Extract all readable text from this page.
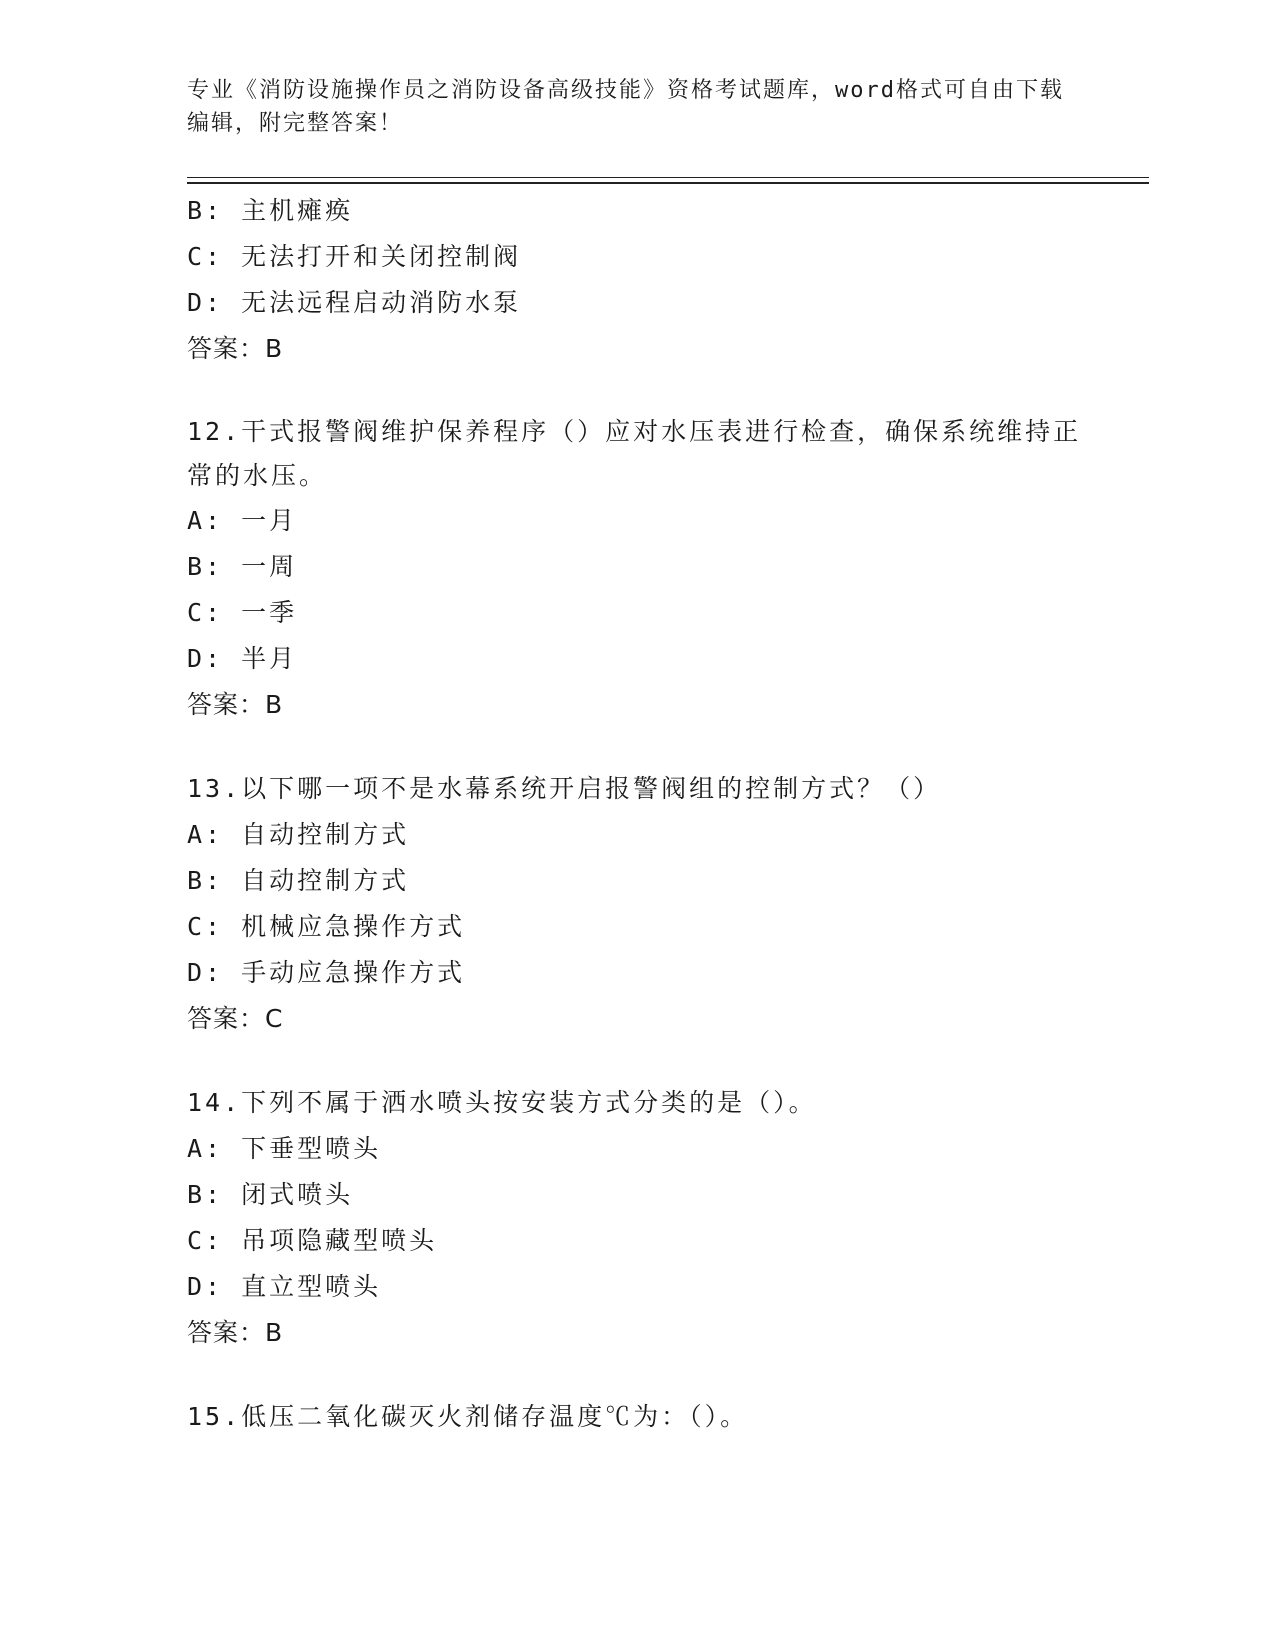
专业《消防设施操作员之消防设备高级技能》资格考试题库，word格式可自由下载编辑，附完整答案！
B: 主机瘫痪
C: 无法打开和关闭控制阀
D: 无法远程启动消防水泵
答案：B
12.干式报警阀维护保养程序（）应对水压表进行检查，确保系统维持正常的水压。
A: 一月
B: 一周
C: 一季
D: 半月
答案：B
13.以下哪一项不是水幕系统开启报警阀组的控制方式？（）
A: 自动控制方式
B: 自动控制方式
C: 机械应急操作方式
D: 手动应急操作方式
答案：C
14.下列不属于洒水喷头按安装方式分类的是（）。
A: 下垂型喷头
B: 闭式喷头
C: 吊项隐藏型喷头
D: 直立型喷头
答案：B
15.低压二氧化碳灭火剂储存温度℃为：（）。
